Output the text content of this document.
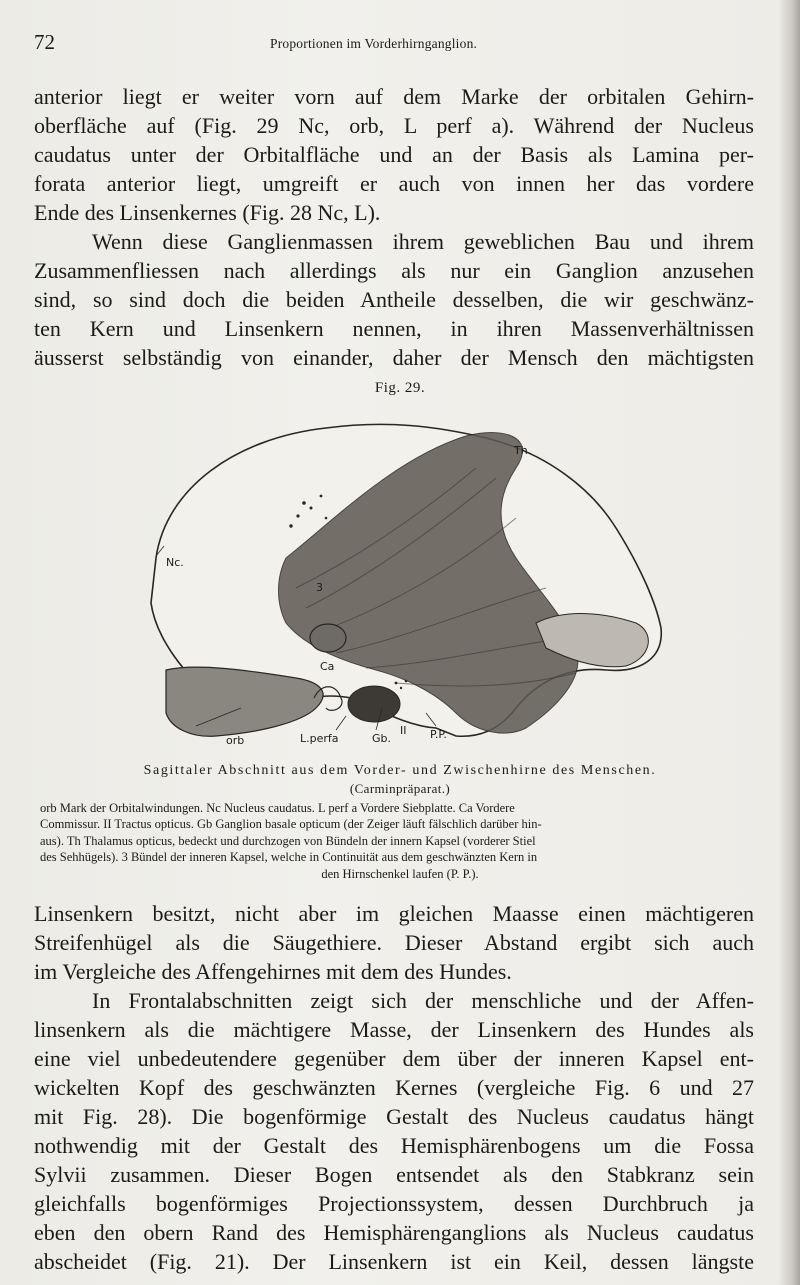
72	Proportionen im Vorderhirnganglion.
anterior liegt er weiter vorn auf dem Marke der orbitalen Gehirn-
oberfläche auf (Fig. 29 Nc, orb, L perf a). Während der Nucleus
caudatus unter der Orbitalfläche und an der Basis als Lamina per-
forata anterior liegt, umgreift er auch von innen her das vordere
Ende des Linsenkernes (Fig. 28 Nc, L).
Wenn diese Ganglienmassen ihrem geweblichen Bau und ihrem
Zusammenfliessen nach allerdings als nur ein Ganglion anzusehen
sind, so sind doch die beiden Antheile desselben, die wir geschwänz-
ten Kern und Linsenkern nennen, in ihren Massenverhältnissen
äusserst selbständig von einander, daher der Mensch den mächtigsten
Fig. 29.
Th.
Nc.
3
Ca
orb	L.perfa	Gb.
II P.P.
Sagittaler Abschnitt aus dem Vorder- und Zwischenhirne des Menschen.
(Carminpräparat.)
orb Mark der Orbitalwindungen. Nc Nucleus caudatus. L perf a Vordere Siebplatte. Ca Vordere
Commissur. II Tractus opticus. Gb Ganglion basale opticum (der Zeiger läuft fälschlich darüber hin-
aus). Th Thalamus opticus, bedeckt und durchzogen von Bündeln der innern Kapsel (vorderer Stiel
des Sehhügels). 3 Bündel der inneren Kapsel, welche in Continuität aus dem geschwänzten Kern in
den Hirnschenkel laufen (P. P.).
Linsenkern besitzt, nicht aber im gleichen Maasse einen mächtigeren
Streifenhügel als die Säugethiere. Dieser Abstand ergibt sich auch
im Vergleiche des Affengehirnes mit dem des Hundes.
In Frontalabschnitten zeigt sich der menschliche und der Affen-
linsenkern als die mächtigere Masse, der Linsenkern des Hundes als
eine viel unbedeutendere gegenüber dem über der inneren Kapsel ent-
wickelten Kopf des geschwänzten Kernes (vergleiche Fig. 6 und 27
mit Fig. 28). Die bogenförmige Gestalt des Nucleus caudatus hängt
nothwendig mit der Gestalt des Hemisphärenbogens um die Fossa
Sylvii zusammen. Dieser Bogen entsendet als den Stabkranz sein
gleichfalls bogenförmiges Projectionssystem, dessen Durchbruch ja
eben den obern Rand des Hemisphärenganglions als Nucleus caudatus
abscheidet (Fig. 21). Der Linsenkern ist ein Keil, dessen längste
